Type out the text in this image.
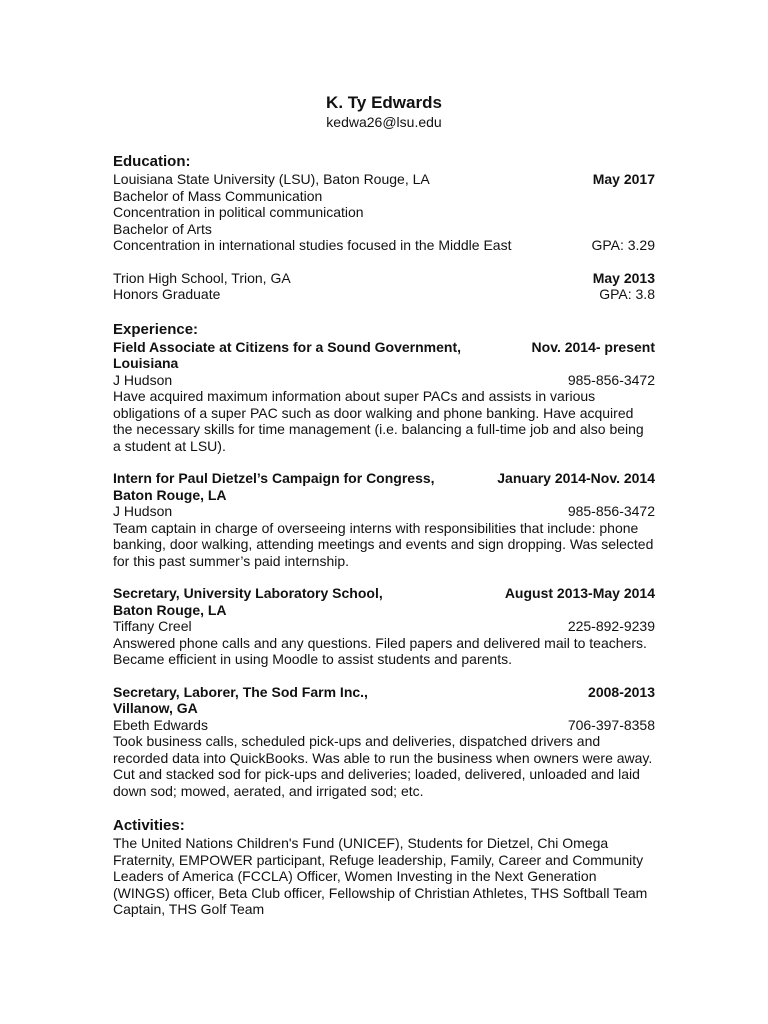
K. Ty Edwards
kedwa26@lsu.edu
Education:
Louisiana State University (LSU), Baton Rouge, LA	May 2017
Bachelor of Mass Communication
Concentration in political communication
Bachelor of Arts
Concentration in international studies focused in the Middle East	GPA: 3.29
Trion High School, Trion, GA	May 2013
Honors Graduate	GPA: 3.8
Experience:
Field Associate at Citizens for a Sound Government,	Nov. 2014- present
Louisiana
J Hudson	985-856-3472
Have acquired maximum information about super PACs and assists in various obligations of a super PAC such as door walking and phone banking. Have acquired the necessary skills for time management (i.e. balancing a full-time job and also being a student at LSU).
Intern for Paul Dietzel’s Campaign for Congress,	January 2014-Nov. 2014
Baton Rouge, LA
J Hudson	985-856-3472
Team captain in charge of overseeing interns with responsibilities that include: phone banking, door walking, attending meetings and events and sign dropping. Was selected for this past summer’s paid internship.
Secretary, University Laboratory School,	August 2013-May 2014
Baton Rouge, LA
Tiffany Creel	225-892-9239
Answered phone calls and any questions. Filed papers and delivered mail to teachers. Became efficient in using Moodle to assist students and parents.
Secretary, Laborer, The Sod Farm Inc.,	2008-2013
Villanow, GA
Ebeth Edwards	706-397-8358
Took business calls, scheduled pick-ups and deliveries, dispatched drivers and recorded data into QuickBooks. Was able to run the business when owners were away.
Cut and stacked sod for pick-ups and deliveries; loaded, delivered, unloaded and laid down sod; mowed, aerated, and irrigated sod; etc.
Activities:
The United Nations Children's Fund (UNICEF), Students for Dietzel, Chi Omega Fraternity, EMPOWER participant, Refuge leadership, Family, Career and Community Leaders of America (FCCLA) Officer, Women Investing in the Next Generation (WINGS) officer, Beta Club officer, Fellowship of Christian Athletes, THS Softball Team Captain, THS Golf Team
